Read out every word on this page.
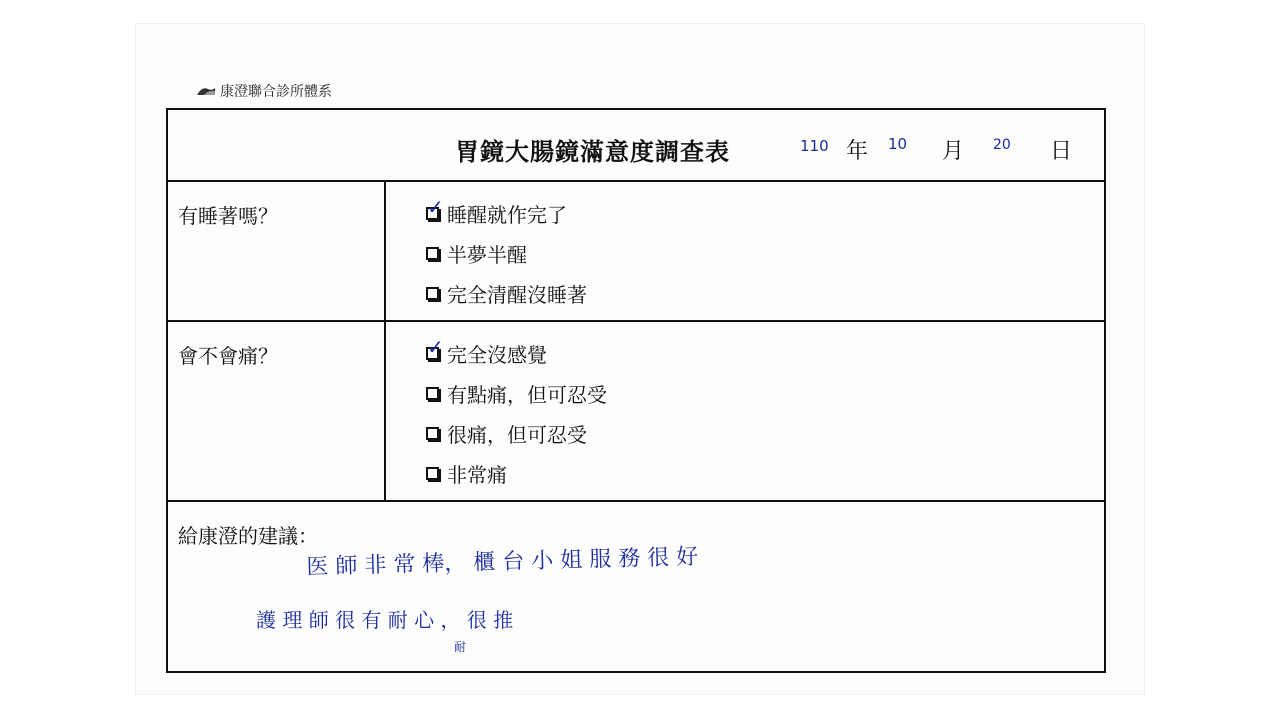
康澄聯合診所體系
胃鏡大腸鏡滿意度調查表	110 年 10 月 20 日
有睡著嗎？	✓ 睡醒就作完了
半夢半醒
完全清醒沒睡著
會不會痛？	✓ 完全沒感覺
有點痛，但可忍受
很痛，但可忍受
非常痛
給康澄的建議：
医 師 非 常 棒， 櫃 台 小 姐 服 務 很 好
護 理 師 很 有 耐 心 ， 很 推
耐
